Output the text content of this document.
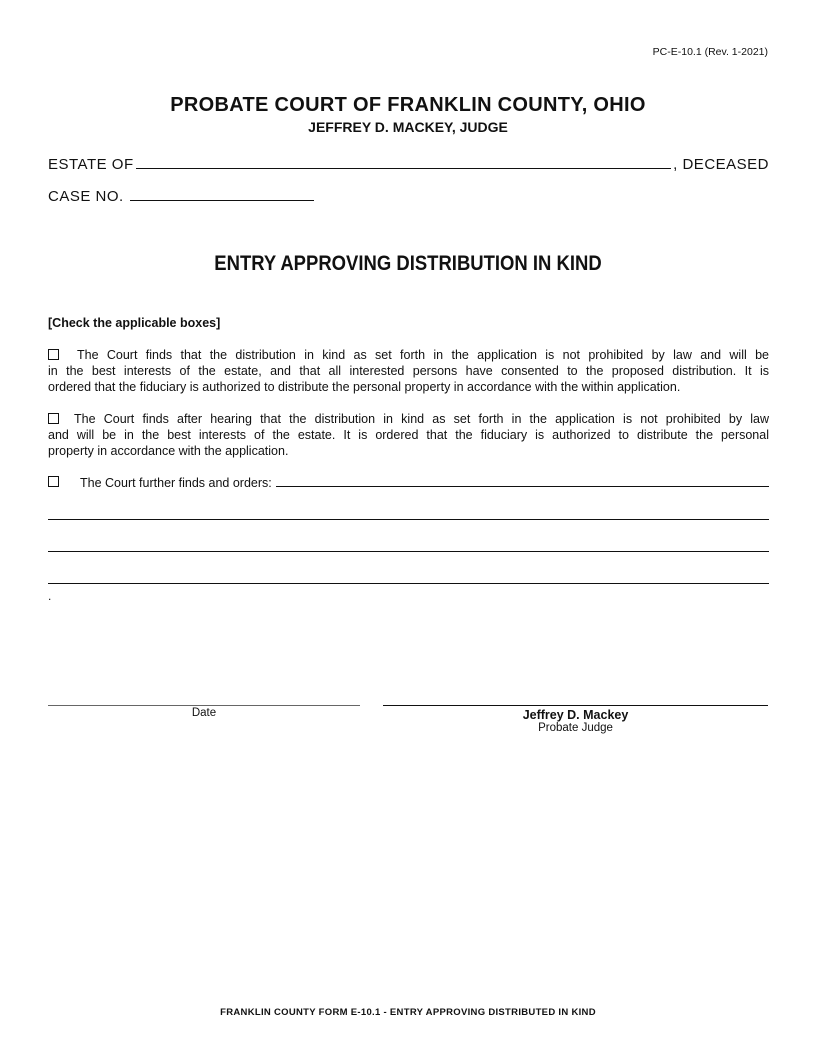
PC-E-10.1 (Rev. 1-2021)
PROBATE COURT OF FRANKLIN COUNTY, OHIO
JEFFREY D. MACKEY, JUDGE
ESTATE OF	, DECEASED
CASE NO.
ENTRY APPROVING DISTRIBUTION IN KIND
[Check the applicable boxes]
The Court finds that the distribution in kind as set forth in the application is not prohibited by law and will be
in the best interests of the estate, and that all interested persons have consented to the proposed distribution. It is
ordered that the fiduciary is authorized to distribute the personal property in accordance with the within application.
The Court finds after hearing that the distribution in kind as set forth in the application is not prohibited by law
and will be in the best interests of the estate. It is ordered that the fiduciary is authorized to distribute the personal
property in accordance with the application.
The Court further finds and orders:
.
Date	Jeffrey D. Mackey
Probate Judge
FRANKLIN COUNTY FORM E-10.1 - ENTRY APPROVING DISTRIBUTED IN KIND
